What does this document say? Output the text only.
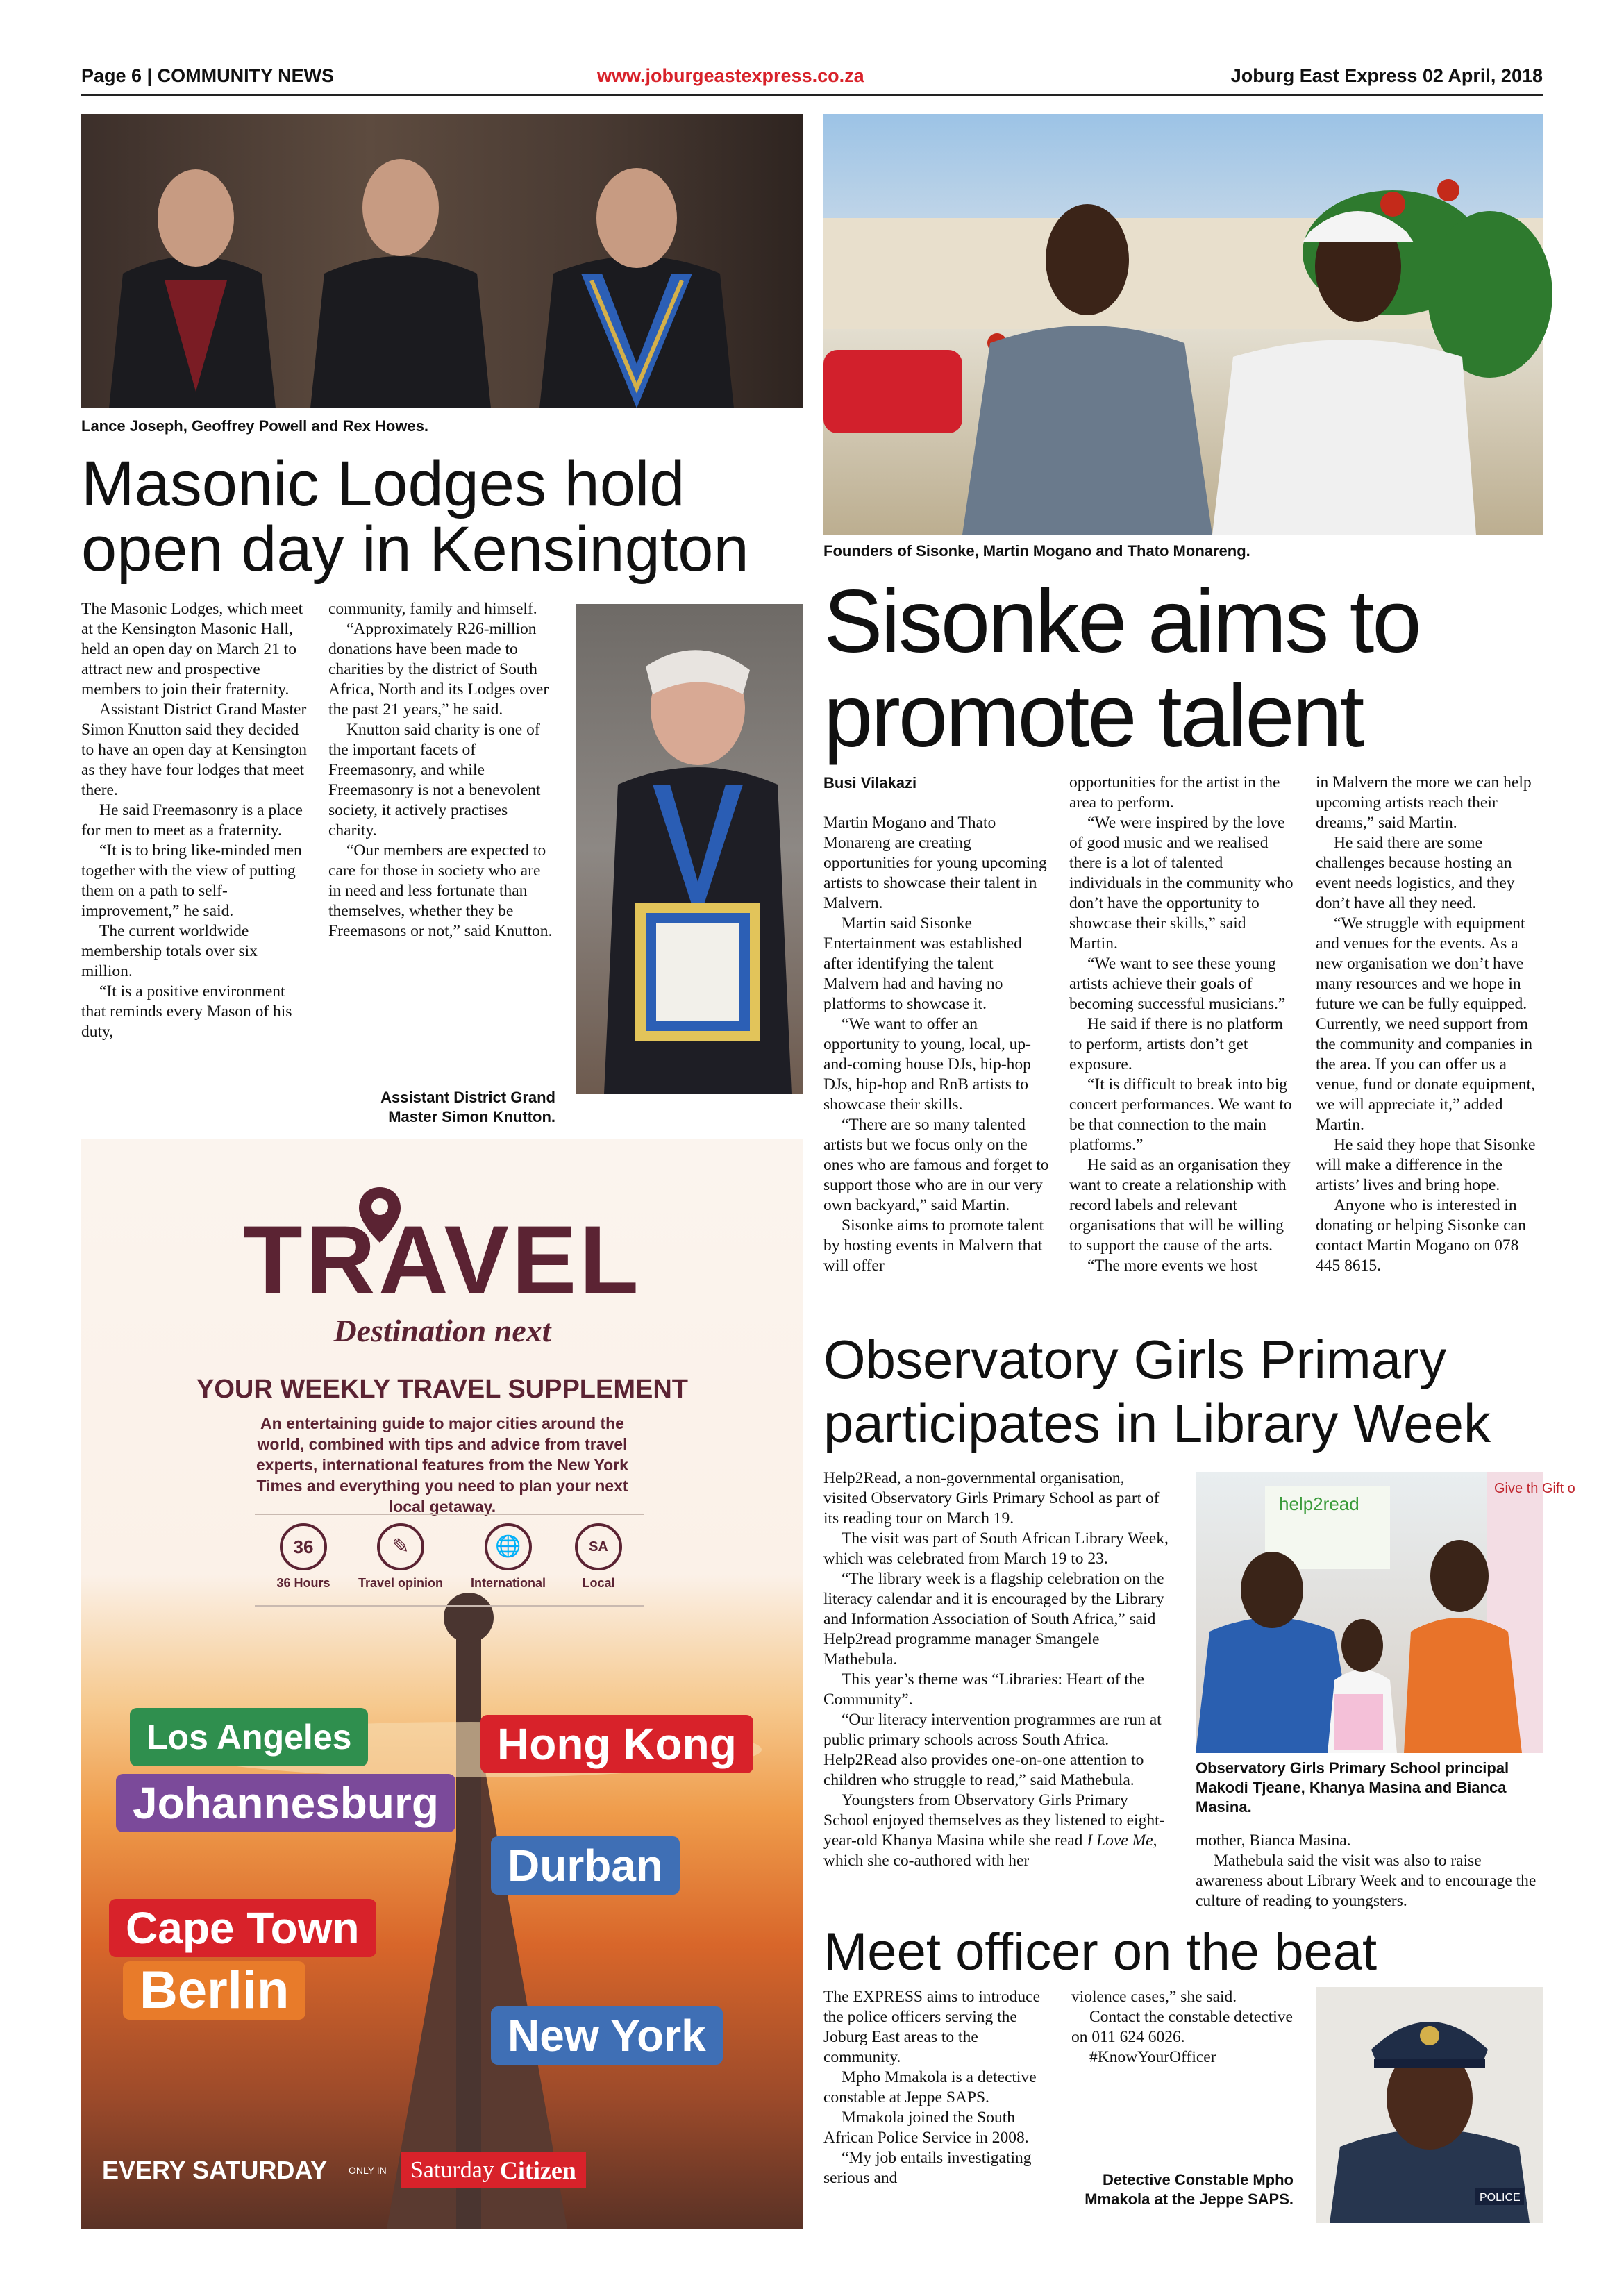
Page 6 | COMMUNITY NEWS	www.joburgeastexpress.co.za	Joburg East Express 02 April, 2018
Lance Joseph, Geoffrey Powell and Rex Howes.
Masonic Lodges hold open day in Kensington

The Masonic Lodges, which meet at the Kensington Masonic Hall, held an open day on March 21 to attract new and prospective members to join their fraternity.

Assistant District Grand Master Simon Knutton said they decided to have an open day at Kensington as they have four lodges that meet there.

He said Freemasonry is a place for men to meet as a fraternity.

“It is to bring like-minded men together with the view of putting them on a path to self-improvement,” he said.

The current worldwide membership totals over six million.

“It is a positive environment that reminds every Mason of his duty,

community, family and himself.

“Approximately R26-million donations have been made to charities by the district of South Africa, North and its Lodges over the past 21 years,” he said.

Knutton said charity is one of the important facets of Freemasonry, and while Freemasonry is not a benevolent society, it actively practises charity.

“Our members are expected to care for those in society who are in need and less fortunate than themselves, whether they be Freemasons or not,” said Knutton.

Assistant District Grand Master Simon Knutton.
Founders of Sisonke, Martin Mogano and Thato Monareng.
Sisonke aims to promote talent

Busi Vilakazi

Martin Mogano and Thato Monareng are creating opportunities for young upcoming artists to showcase their talent in Malvern.

Martin said Sisonke Entertainment was established after identifying the talent Malvern had and having no platforms to showcase it.

“We want to offer an opportunity to young, local, up-and-coming house DJs, hip-hop DJs, hip-hop and RnB artists to showcase their skills.

“There are so many talented artists but we focus only on the ones who are famous and forget to support those who are in our very own backyard,” said Martin.

Sisonke aims to promote talent by hosting events in Malvern that will offer

opportunities for the artist in the area to perform.

“We were inspired by the love of good music and we realised there is a lot of talented individuals in the community who don’t have the opportunity to showcase their skills,” said Martin.

“We want to see these young artists achieve their goals of becoming successful musicians.”

He said if there is no platform to perform, artists don’t get exposure.

“It is difficult to break into big concert performances. We want to be that connection to the main platforms.”

He said as an organisation they want to create a relationship with record labels and relevant organisations that will be willing to support the cause of the arts.

“The more events we host

in Malvern the more we can help upcoming artists reach their dreams,” said Martin.

He said there are some challenges because hosting an event needs logistics, and they don’t have all they need.

“We struggle with equipment and venues for the events. As a new organisation we don’t have many resources and we hope in future we can be fully equipped. Currently, we need support from the community and companies in the area. If you can offer us a venue, fund or donate equipment, we will appreciate it,” added Martin.

He said they hope that Sisonke will make a difference in the artists’ lives and bring hope.

Anyone who is interested in donating or helping Sisonke can contact Martin Mogano on 078 445 8615.

Observatory Girls Primary participates in Library Week

Help2Read, a non-governmental organisation, visited Observatory Girls Primary School as part of its reading tour on March 19.

The visit was part of South African Library Week, which was celebrated from March 19 to 23.

“The library week is a flagship celebration on the literacy calendar and it is encouraged by the Library and Information Association of South Africa,” said Help2read programme manager Smangele Mathebula.

This year’s theme was “Libraries: Heart of the Community”.

“Our literacy intervention programmes are run at public primary schools across South Africa. Help2Read also provides one-on-one attention to children who struggle to read,” said Mathebula.

Youngsters from Observatory Girls Primary School enjoyed themselves as they listened to eight-year-old Khanya Masina while she read I Love Me, which she co-authored with her

help2read
Give th Gift o
Observatory Girls Primary School principal Makodi Tjeane, Khanya Masina and Bianca Masina.

mother, Bianca Masina.

Mathebula said the visit was also to raise awareness about Library Week and to encourage the culture of reading to youngsters.

Meet officer on the beat

The EXPRESS aims to introduce the police officers serving the Joburg East areas to the community.

Mpho Mmakola is a detective constable at Jeppe SAPS.

Mmakola joined the South African Police Service in 2008.

“My job entails investigating serious and

violence cases,” she said.

Contact the constable detective on 011 624 6026.

#KnowYourOfficer

Detective Constable Mpho Mmakola at the Jeppe SAPS.	POLICE
TRAVEL
Destination next
YOUR WEEKLY TRAVEL SUPPLEMENT
An entertaining guide to major cities around the world, combined with tips and advice from travel experts, international features from the New York Times and everything you need to plan your next local getaway.
36
36 Hours
✎
Travel opinion
🌐
International
SA
Local
Los Angeles	Hong Kong
Johannesburg
Durban
Cape Town
Berlin
New York
EVERY SATURDAY ONLY IN Saturday Citizen
